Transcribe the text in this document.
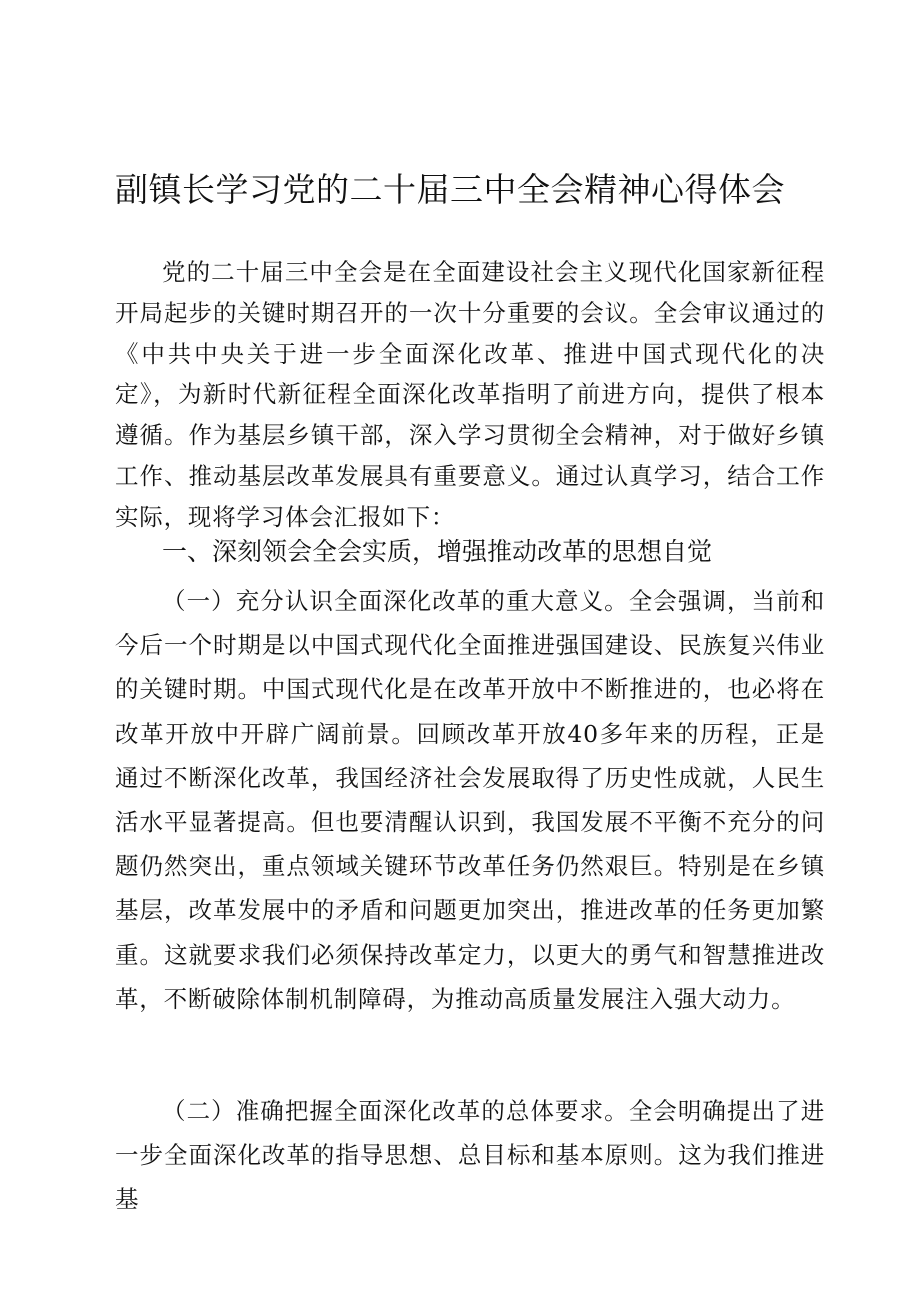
副镇长学习党的二十届三中全会精神心得体会

党的二十届三中全会是在全面建设社会主义现代化国家新征程开局起步的关键时期召开的一次十分重要的会议。全会审议通过的《中共中央关于进一步全面深化改革、推进中国式现代化的决定》，为新时代新征程全面深化改革指明了前进方向，提供了根本遵循。作为基层乡镇干部，深入学习贯彻全会精神，对于做好乡镇工作、推动基层改革发展具有重要意义。通过认真学习，结合工作实际，现将学习体会汇报如下：

一、深刻领会全会实质，增强推动改革的思想自觉

（一）充分认识全面深化改革的重大意义。全会强调，当前和今后一个时期是以中国式现代化全面推进强国建设、民族复兴伟业的关键时期。中国式现代化是在改革开放中不断推进的，也必将在改革开放中开辟广阔前景。回顾改革开放40多年来的历程，正是通过不断深化改革，我国经济社会发展取得了历史性成就，人民生活水平显著提高。但也要清醒认识到，我国发展不平衡不充分的问题仍然突出，重点领域关键环节改革任务仍然艰巨。特别是在乡镇基层，改革发展中的矛盾和问题更加突出，推进改革的任务更加繁重。这就要求我们必须保持改革定力，以更大的勇气和智慧推进改革，不断破除体制机制障碍，为推动高质量发展注入强大动力。

（二）准确把握全面深化改革的总体要求。全会明确提出了进一步全面深化改革的指导思想、总目标和基本原则。这为我们推进基
